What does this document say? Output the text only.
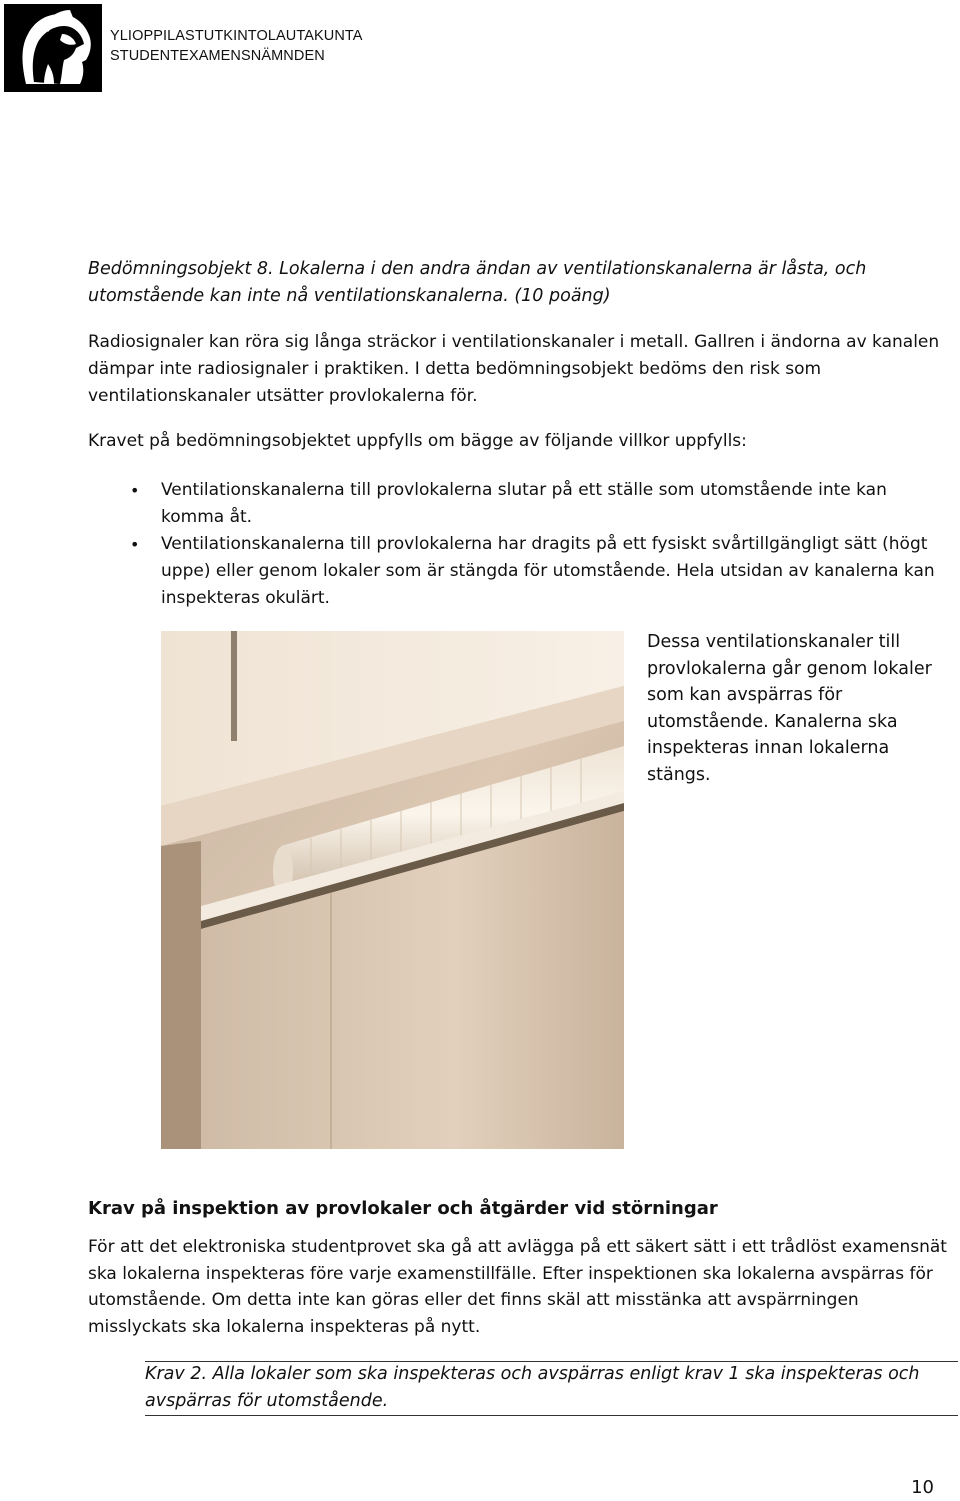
YLIOPPILASTUTKINTOLAUTAKUNTA
STUDENTEXAMENSNÄMNDEN
Bedömningsobjekt 8. Lokalerna i den andra ändan av ventilationskanalerna är låsta, och utomstående kan inte nå ventilationskanalerna. (10 poäng)
Radiosignaler kan röra sig långa sträckor i ventilationskanaler i metall. Gallren i ändorna av kanalen dämpar inte radiosignaler i praktiken. I detta bedömningsobjekt bedöms den risk som ventilationskanaler utsätter provlokalerna för.
Kravet på bedömningsobjektet uppfylls om bägge av följande villkor uppfylls:
• Ventilationskanalerna till provlokalerna slutar på ett ställe som utomstående inte kan komma åt.
• Ventilationskanalerna till provlokalerna har dragits på ett fysiskt svårtillgängligt sätt (högt uppe) eller genom lokaler som är stängda för utomstående. Hela utsidan av kanalerna kan inspekteras okulärt.
Dessa ventilationskanaler till provlokalerna går genom lokaler som kan avspärras för utomstående. Kanalerna ska inspekteras innan lokalerna stängs.
Krav på inspektion av provlokaler och åtgärder vid störningar
För att det elektroniska studentprovet ska gå att avlägga på ett säkert sätt i ett trådlöst examensnät ska lokalerna inspekteras före varje examenstillfälle. Efter inspektionen ska lokalerna avspärras för utomstående. Om detta inte kan göras eller det finns skäl att misstänka att avspärrningen misslyckats ska lokalerna inspekteras på nytt.
Krav 2. Alla lokaler som ska inspekteras och avspärras enligt krav 1 ska inspekteras och avspärras för utomstående.
10
